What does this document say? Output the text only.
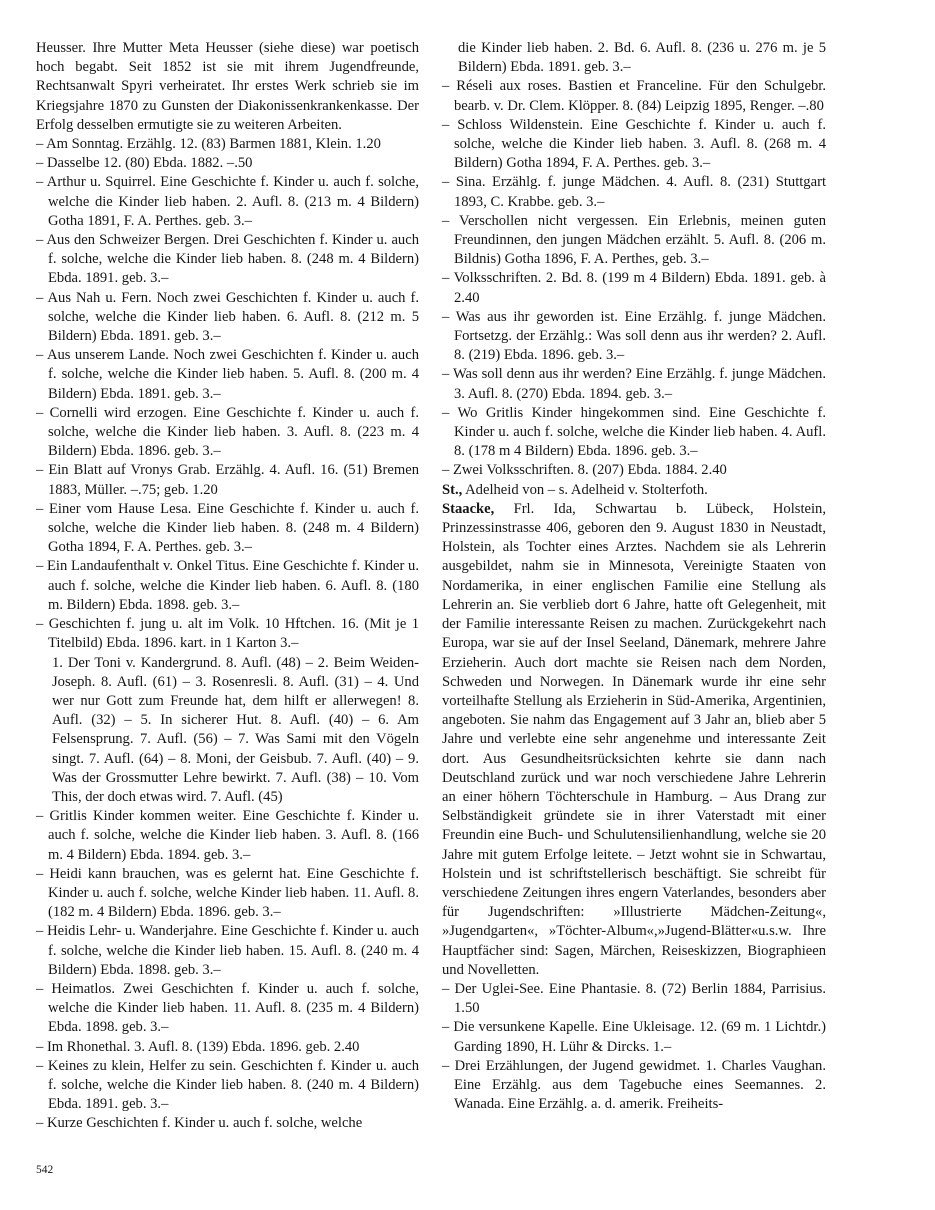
Heusser. Ihre Mutter Meta Heusser (siehe diese) war poetisch hoch begabt. Seit 1852 ist sie mit ihrem Jugendfreunde, Rechtsanwalt Spyri verheiratet. Ihr erstes Werk schrieb sie im Kriegsjahre 1870 zu Gunsten der Diakonissenkrankenkasse. Der Erfolg desselben ermutigte sie zu weiteren Arbeiten.

– Am Sonntag. Erzählg. 12. (83) Barmen 1881, Klein. 1.20

– Dasselbe 12. (80) Ebda. 1882. –.50

– Arthur u. Squirrel. Eine Geschichte f. Kinder u. auch f. solche, welche die Kinder lieb haben. 2. Aufl. 8. (213 m. 4 Bildern) Gotha 1891, F. A. Perthes. geb. 3.–

– Aus den Schweizer Bergen. Drei Geschichten f. Kinder u. auch f. solche, welche die Kinder lieb haben. 8. (248 m. 4 Bildern) Ebda. 1891. geb. 3.–

– Aus Nah u. Fern. Noch zwei Geschichten f. Kinder u. auch f. solche, welche die Kinder lieb haben. 6. Aufl. 8. (212 m. 5 Bildern) Ebda. 1891. geb. 3.–

– Aus unserem Lande. Noch zwei Geschichten f. Kinder u. auch f. solche, welche die Kinder lieb haben. 5. Aufl. 8. (200 m. 4 Bildern) Ebda. 1891. geb. 3.–

– Cornelli wird erzogen. Eine Geschichte f. Kinder u. auch f. solche, welche die Kinder lieb haben. 3. Aufl. 8. (223 m. 4 Bildern) Ebda. 1896. geb. 3.–

– Ein Blatt auf Vronys Grab. Erzählg. 4. Aufl. 16. (51) Bremen 1883, Müller. –.75; geb. 1.20

– Einer vom Hause Lesa. Eine Geschichte f. Kinder u. auch f. solche, welche die Kinder lieb haben. 8. (248 m. 4 Bildern) Gotha 1894, F. A. Perthes. geb. 3.–

– Ein Landaufenthalt v. Onkel Titus. Eine Geschichte f. Kinder u. auch f. solche, welche die Kinder lieb haben. 6. Aufl. 8. (180 m. Bildern) Ebda. 1898. geb. 3.–

– Geschichten f. jung u. alt im Volk. 10 Hftchen. 16. (Mit je 1 Titelbild) Ebda. 1896. kart. in 1 Karton 3.–

1. Der Toni v. Kandergrund. 8. Aufl. (48) – 2. Beim Weiden-Joseph. 8. Aufl. (61) – 3. Rosenresli. 8. Aufl. (31) – 4. Und wer nur Gott zum Freunde hat, dem hilft er allerwegen! 8. Aufl. (32) – 5. In sicherer Hut. 8. Aufl. (40) – 6. Am Felsensprung. 7. Aufl. (56) – 7. Was Sami mit den Vögeln singt. 7. Aufl. (64) – 8. Moni, der Geisbub. 7. Aufl. (40) – 9. Was der Grossmutter Lehre bewirkt. 7. Aufl. (38) – 10. Vom This, der doch etwas wird. 7. Aufl. (45)

– Gritlis Kinder kommen weiter. Eine Geschichte f. Kinder u. auch f. solche, welche die Kinder lieb haben. 3. Aufl. 8. (166 m. 4 Bildern) Ebda. 1894. geb. 3.–

– Heidi kann brauchen, was es gelernt hat. Eine Geschichte f. Kinder u. auch f. solche, welche Kinder lieb haben. 11. Aufl. 8. (182 m. 4 Bildern) Ebda. 1896. geb. 3.–

– Heidis Lehr- u. Wanderjahre. Eine Geschichte f. Kinder u. auch f. solche, welche die Kinder lieb haben. 15. Aufl. 8. (240 m. 4 Bildern) Ebda. 1898. geb. 3.–

– Heimatlos. Zwei Geschichten f. Kinder u. auch f. solche, welche die Kinder lieb haben. 11. Aufl. 8. (235 m. 4 Bildern) Ebda. 1898. geb. 3.–

– Im Rhonethal. 3. Aufl. 8. (139) Ebda. 1896. geb. 2.40

– Keines zu klein, Helfer zu sein. Geschichten f. Kinder u. auch f. solche, welche die Kinder lieb haben. 8. (240 m. 4 Bildern) Ebda. 1891. geb. 3.–

– Kurze Geschichten f. Kinder u. auch f. solche, welche

die Kinder lieb haben. 2. Bd. 6. Aufl. 8. (236 u. 276 m. je 5 Bildern) Ebda. 1891. geb. 3.–

– Réseli aux roses. Bastien et Franceline. Für den Schulgebr. bearb. v. Dr. Clem. Klöpper. 8. (84) Leipzig 1895, Renger. –.80

– Schloss Wildenstein. Eine Geschichte f. Kinder u. auch f. solche, welche die Kinder lieb haben. 3. Aufl. 8. (268 m. 4 Bildern) Gotha 1894, F. A. Perthes. geb. 3.–

– Sina. Erzählg. f. junge Mädchen. 4. Aufl. 8. (231) Stuttgart 1893, C. Krabbe. geb. 3.–

– Verschollen nicht vergessen. Ein Erlebnis, meinen guten Freundinnen, den jungen Mädchen erzählt. 5. Aufl. 8. (206 m. Bildnis) Gotha 1896, F. A. Perthes, geb. 3.–

– Volksschriften. 2. Bd. 8. (199 m 4 Bildern) Ebda. 1891. geb. à 2.40

– Was aus ihr geworden ist. Eine Erzählg. f. junge Mädchen. Fortsetzg. der Erzählg.: Was soll denn aus ihr werden? 2. Aufl. 8. (219) Ebda. 1896. geb. 3.–

– Was soll denn aus ihr werden? Eine Erzählg. f. junge Mädchen. 3. Aufl. 8. (270) Ebda. 1894. geb. 3.–

– Wo Gritlis Kinder hingekommen sind. Eine Geschichte f. Kinder u. auch f. solche, welche die Kinder lieb haben. 4. Aufl. 8. (178 m 4 Bildern) Ebda. 1896. geb. 3.–

– Zwei Volksschriften. 8. (207) Ebda. 1884. 2.40

St., Adelheid von – s. Adelheid v. Stolterfoth.

Staacke, Frl. Ida, Schwartau b. Lübeck, Holstein, Prinzessinstrasse 406, geboren den 9. August 1830 in Neustadt, Holstein, als Tochter eines Arztes. Nachdem sie als Lehrerin ausgebildet, nahm sie in Minnesota, Vereinigte Staaten von Nordamerika, in einer englischen Familie eine Stellung als Lehrerin an. Sie verblieb dort 6 Jahre, hatte oft Gelegenheit, mit der Familie interessante Reisen zu machen. Zurückgekehrt nach Europa, war sie auf der Insel Seeland, Dänemark, mehrere Jahre Erzieherin. Auch dort machte sie Reisen nach dem Norden, Schweden und Norwegen. In Dänemark wurde ihr eine sehr vorteilhafte Stellung als Erzieherin in Süd-Amerika, Argentinien, angeboten. Sie nahm das Engagement auf 3 Jahr an, blieb aber 5 Jahre und verlebte eine sehr angenehme und interessante Zeit dort. Aus Gesundheitsrücksichten kehrte sie dann nach Deutschland zurück und war noch verschiedene Jahre Lehrerin an einer höhern Töchterschule in Hamburg. – Aus Drang zur Selbständigkeit gründete sie in ihrer Vaterstadt mit einer Freundin eine Buch- und Schulutensilienhandlung, welche sie 20 Jahre mit gutem Erfolge leitete. – Jetzt wohnt sie in Schwartau, Holstein und ist schriftstellerisch beschäftigt. Sie schreibt für verschiedene Zeitungen ihres engern Vaterlandes, besonders aber für Jugendschriften: »Illustrierte Mädchen-Zeitung«, »Jugendgarten«, »Töchter-Album«,»Jugend-Blätter«u.s.w. Ihre Hauptfächer sind: Sagen, Märchen, Reiseskizzen, Biographieen und Novelletten.

– Der Uglei-See. Eine Phantasie. 8. (72) Berlin 1884, Parrisius. 1.50

– Die versunkene Kapelle. Eine Ukleisage. 12. (69 m. 1 Lichtdr.) Garding 1890, H. Lühr & Dircks. 1.–

– Drei Erzählungen, der Jugend gewidmet. 1. Charles Vaughan. Eine Erzählg. aus dem Tagebuche eines Seemannes. 2. Wanada. Eine Erzählg. a. d. amerik. Freiheits-

542
